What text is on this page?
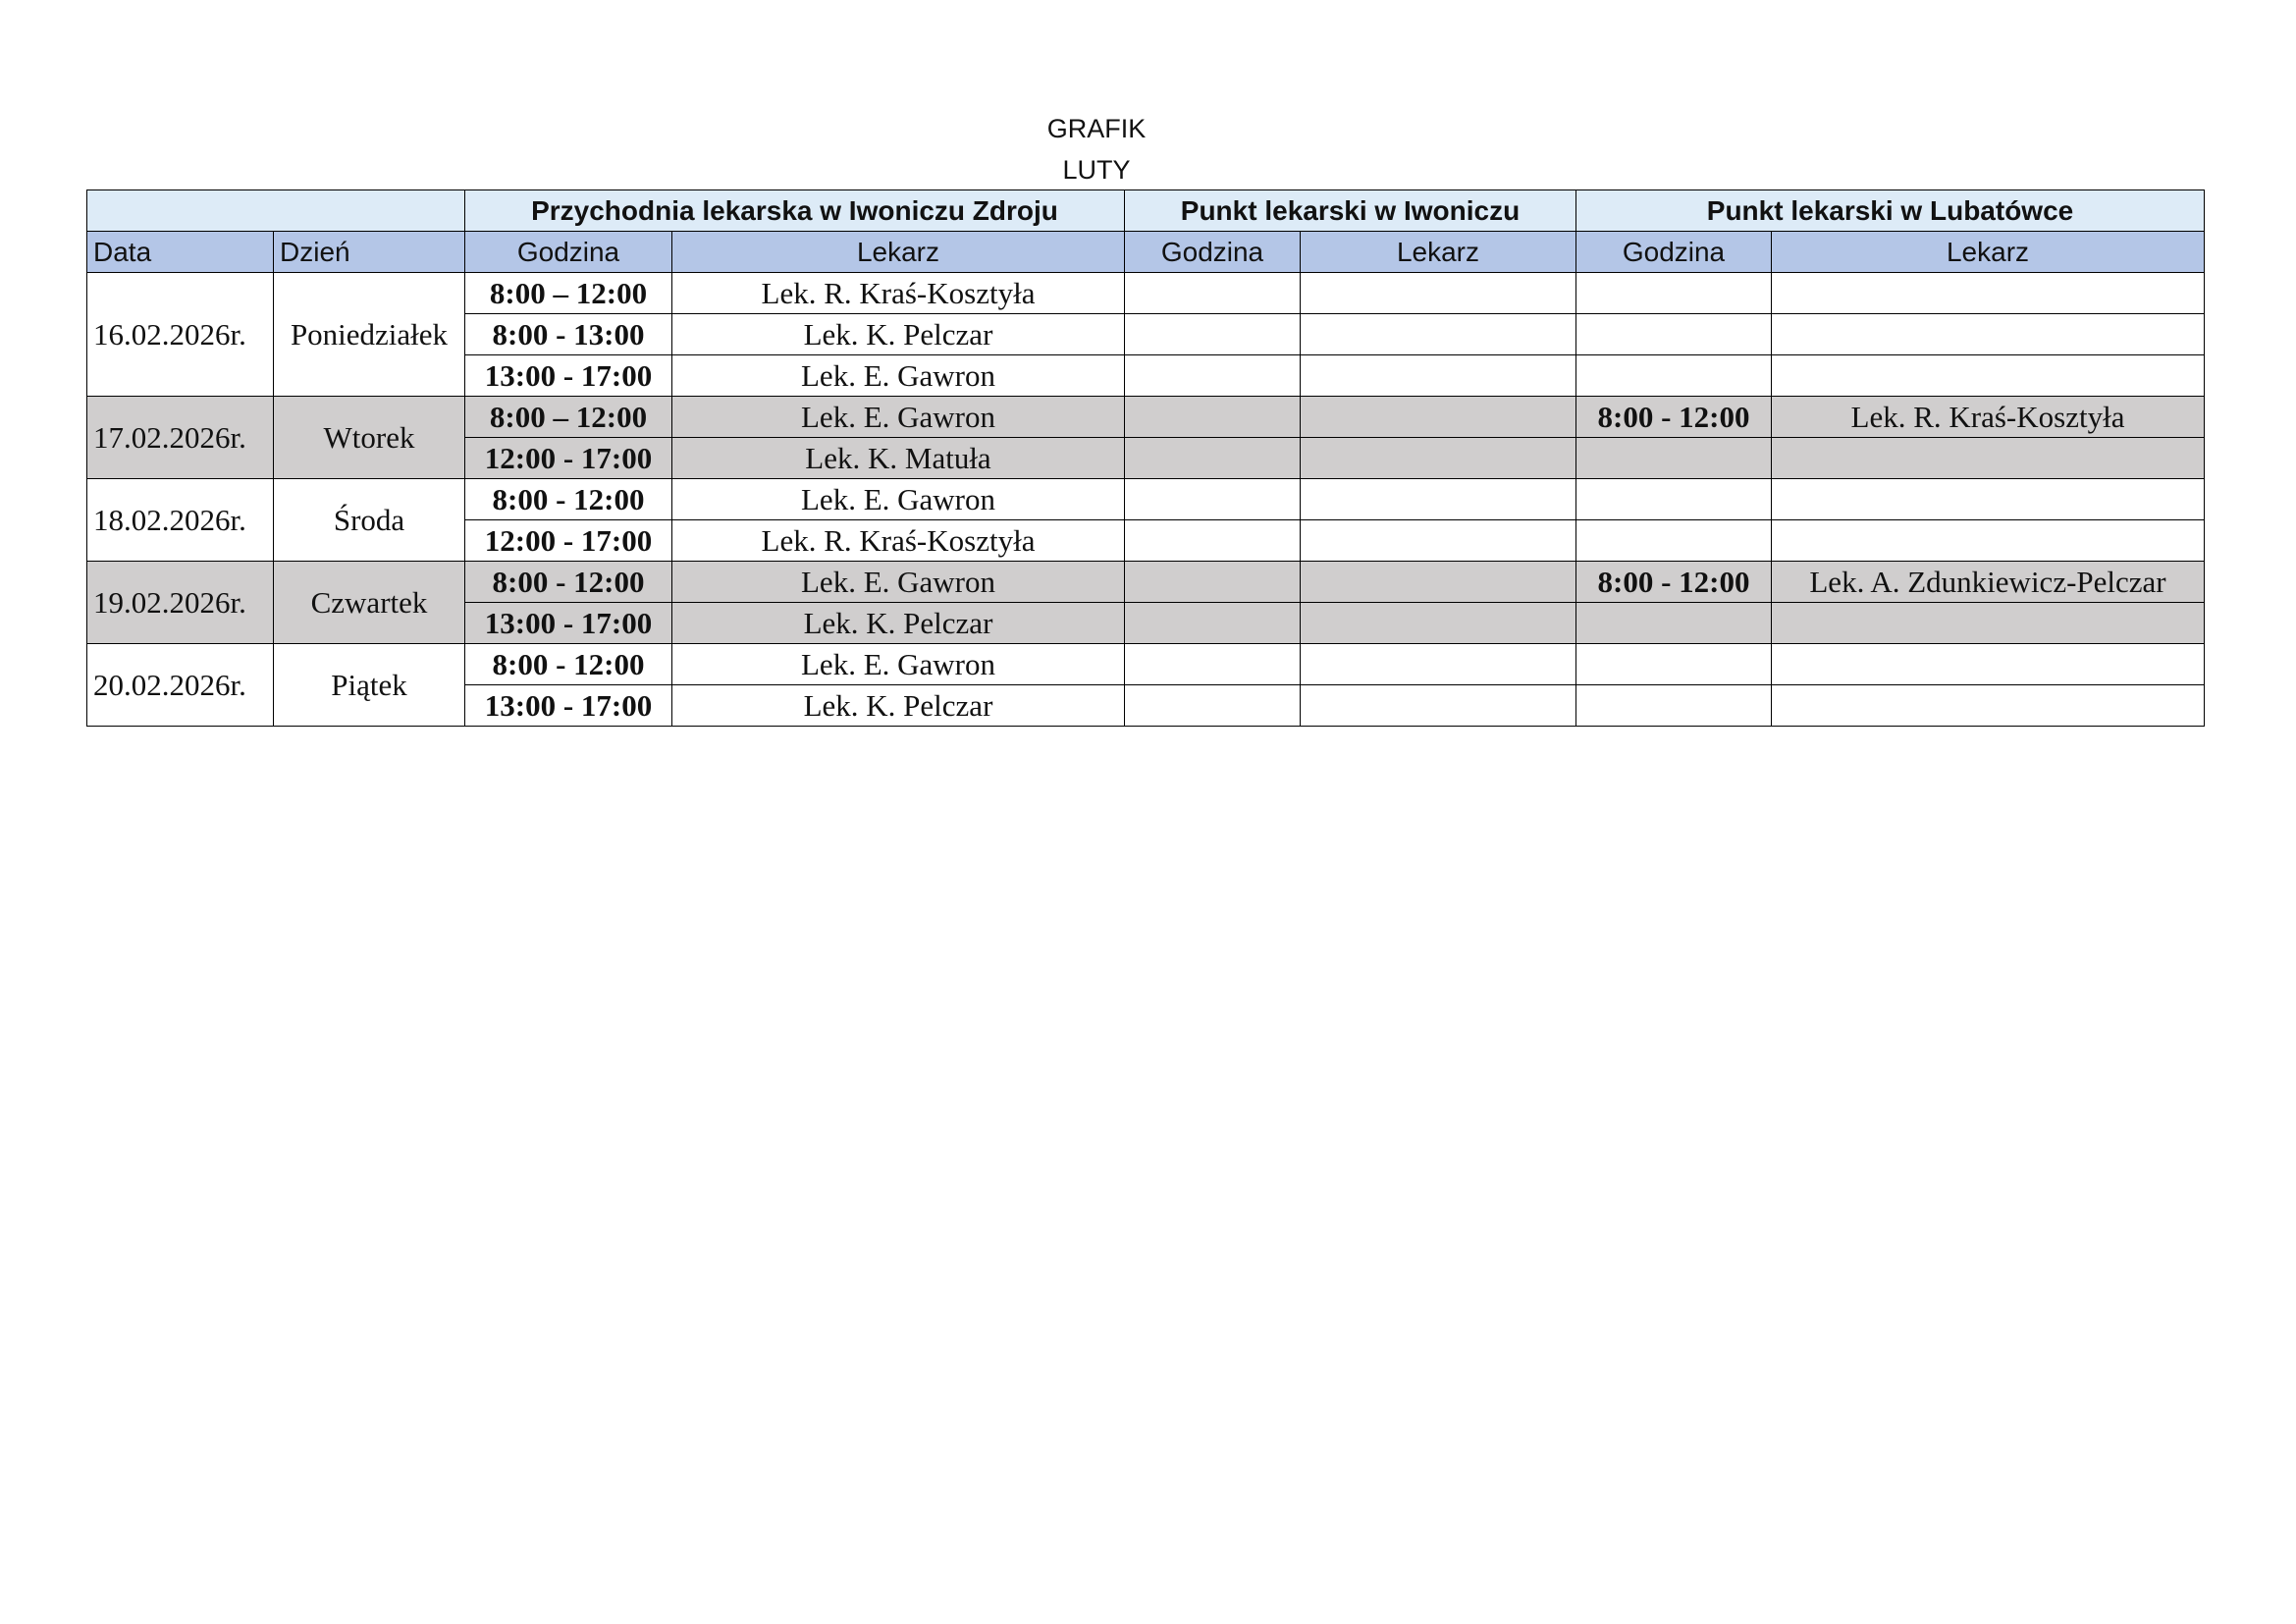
GRAFIK
LUTY
		Przychodnia lekarska w Iwoniczu Zdroju		Punkt lekarski w Iwoniczu		Punkt lekarski w Lubatówce	
Data	Dzień	Godzina	Lekarz	Godzina	Lekarz	Godzina	Lekarz
16.02.2026r.	Poniedziałek	8:00 – 12:00	Lek. R. Kraś-Kosztyła				
		8:00 - 13:00	Lek. K. Pelczar				
		13:00 - 17:00	Lek. E. Gawron				
17.02.2026r.	Wtorek	8:00 – 12:00	Lek. E. Gawron			8:00 - 12:00	Lek. R. Kraś-Kosztyła
		12:00 - 17:00	Lek. K. Matuła				
18.02.2026r.	Środa	8:00 - 12:00	Lek. E. Gawron				
		12:00 - 17:00	Lek. R. Kraś-Kosztyła				
19.02.2026r.	Czwartek	8:00 - 12:00	Lek. E. Gawron			8:00 - 12:00	Lek. A. Zdunkiewicz-Pelczar
		13:00 - 17:00	Lek. K. Pelczar				
20.02.2026r.	Piątek	8:00 - 12:00	Lek. E. Gawron				
		13:00 - 17:00	Lek. K. Pelczar				
